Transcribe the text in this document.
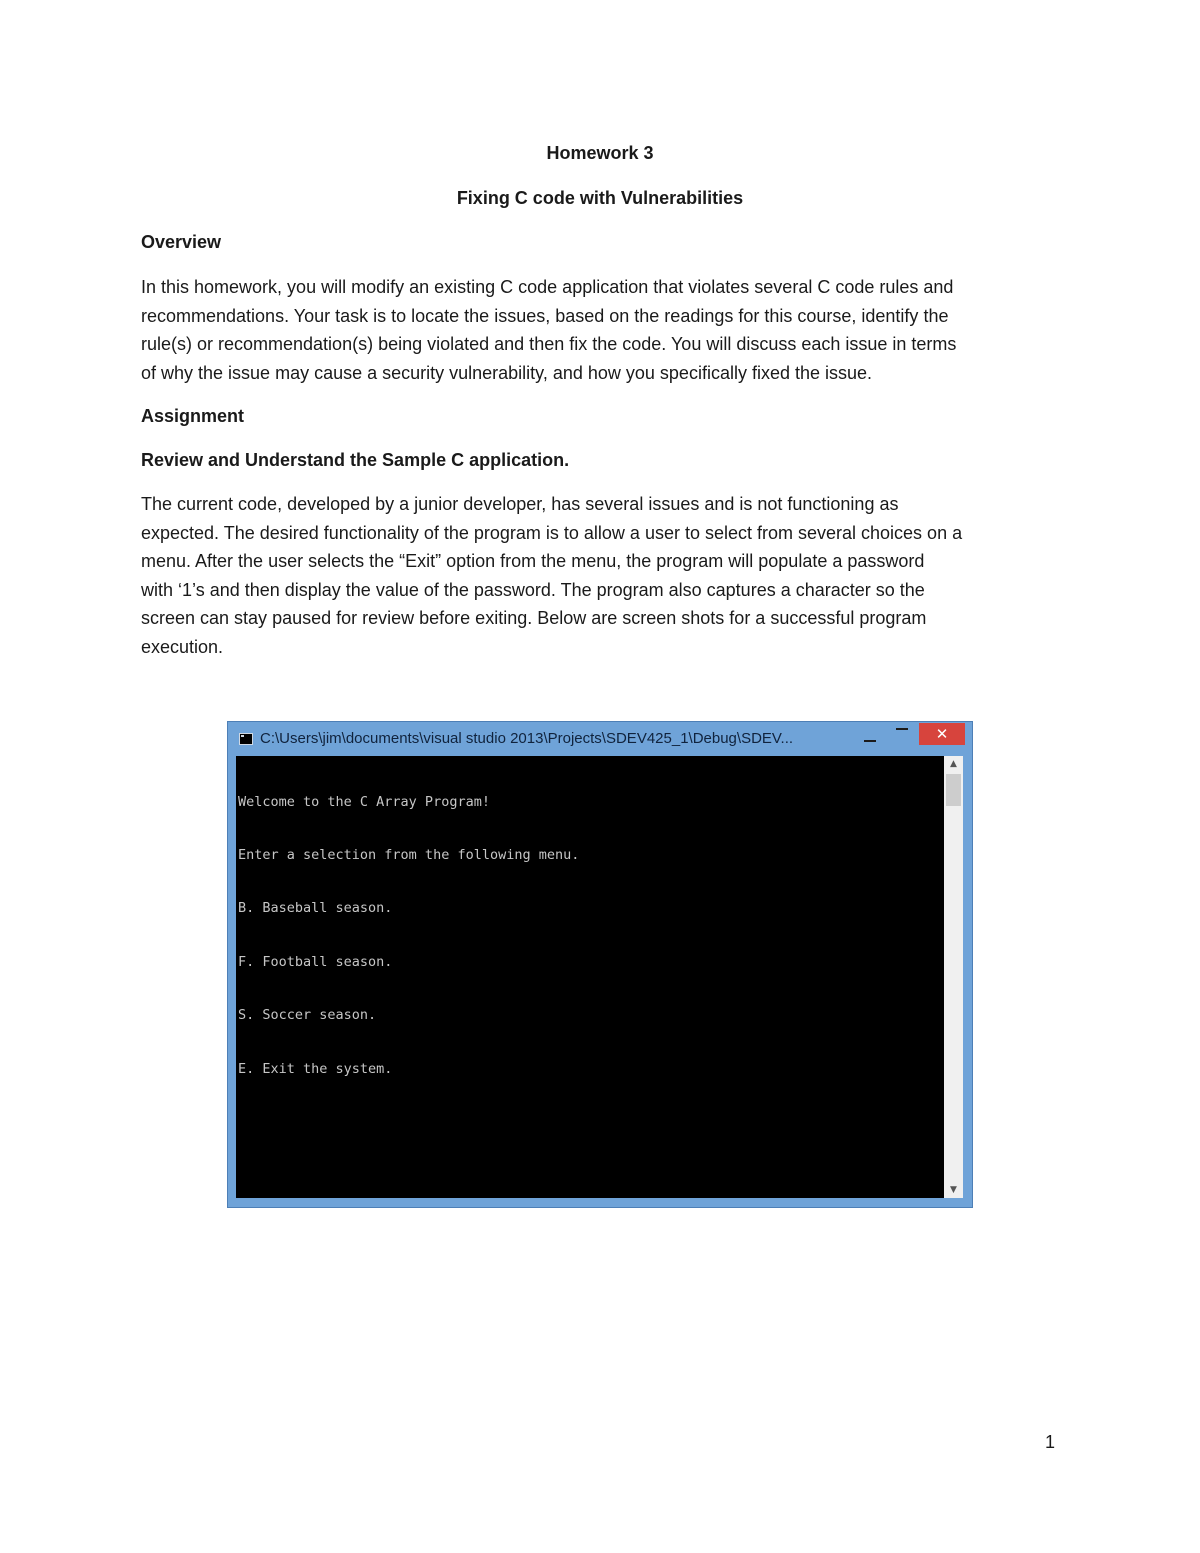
Homework 3
Fixing C code with Vulnerabilities
Overview

In this homework, you will modify an existing C code application that violates several C code rules and
recommendations. Your task is to locate the issues, based on the readings for this course, identify the
rule(s) or recommendation(s) being violated and then fix the code. You will discuss each issue in terms
of why the issue may cause a security vulnerability, and how you specifically fixed the issue.

Assignment
Review and Understand the Sample C application.

The current code, developed by a junior developer, has several issues and is not functioning as
expected. The desired functionality of the program is to allow a user to select from several choices on a
menu. After the user selects the “Exit” option from the menu, the program will populate a password
with ‘1’s and then display the value of the password. The program also captures a character so the
screen can stay paused for review before exiting. Below are screen shots for a successful program
execution.

C:\Users\jim\documents\visual studio 2013\Projects\SDEV425_1\Debug\SDEV...	✕

Welcome to the C Array Program!

Enter a selection from the following menu.

B. Baseball season.

F. Football season.

S. Soccer season.

E. Exit the system.

▲
▼

1
